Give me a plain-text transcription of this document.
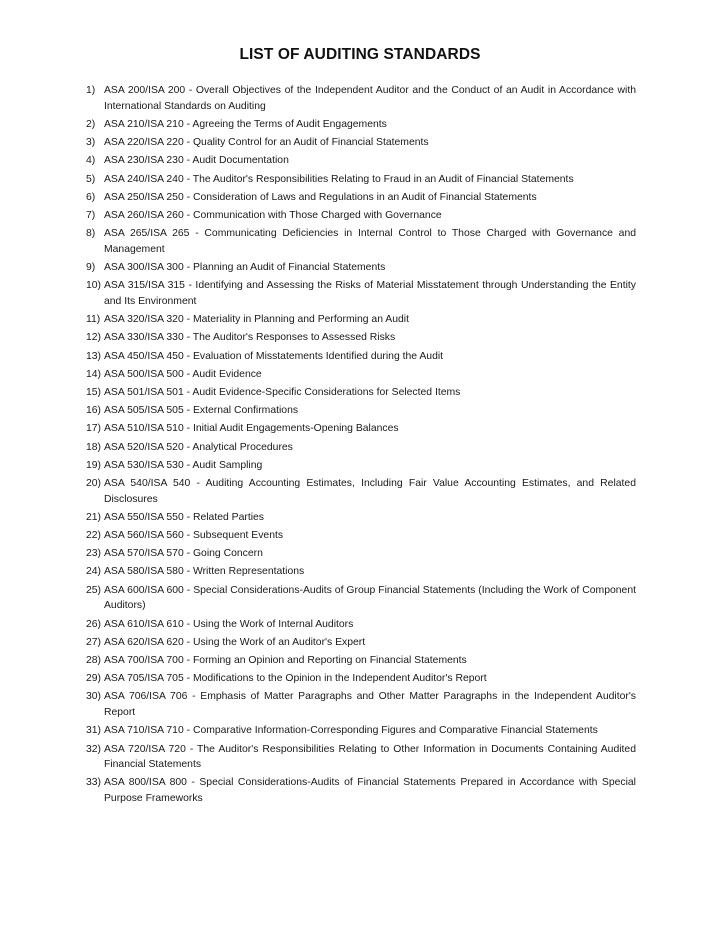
LIST OF AUDITING STANDARDS
1) ASA 200/ISA 200 - Overall Objectives of the Independent Auditor and the Conduct of an Audit in Accordance with International Standards on Auditing
2) ASA 210/ISA 210 - Agreeing the Terms of Audit Engagements
3) ASA 220/ISA 220 - Quality Control for an Audit of Financial Statements
4) ASA 230/ISA 230 - Audit Documentation
5) ASA 240/ISA 240 - The Auditor's Responsibilities Relating to Fraud in an Audit of Financial Statements
6) ASA 250/ISA 250 - Consideration of Laws and Regulations in an Audit of Financial Statements
7) ASA 260/ISA 260 - Communication with Those Charged with Governance
8) ASA 265/ISA 265 - Communicating Deficiencies in Internal Control to Those Charged with Governance and Management
9) ASA 300/ISA 300 - Planning an Audit of Financial Statements
10) ASA 315/ISA 315 - Identifying and Assessing the Risks of Material Misstatement through Understanding the Entity and Its Environment
11) ASA 320/ISA 320 - Materiality in Planning and Performing an Audit
12) ASA 330/ISA 330 - The Auditor's Responses to Assessed Risks
13) ASA 450/ISA 450 - Evaluation of Misstatements Identified during the Audit
14) ASA 500/ISA 500 - Audit Evidence
15) ASA 501/ISA 501 - Audit Evidence-Specific Considerations for Selected Items
16) ASA 505/ISA 505 - External Confirmations
17) ASA 510/ISA 510 - Initial Audit Engagements-Opening Balances
18) ASA 520/ISA 520 - Analytical Procedures
19) ASA 530/ISA 530 - Audit Sampling
20) ASA 540/ISA 540 - Auditing Accounting Estimates, Including Fair Value Accounting Estimates, and Related Disclosures
21) ASA 550/ISA 550 - Related Parties
22) ASA 560/ISA 560 - Subsequent Events
23) ASA 570/ISA 570 - Going Concern
24) ASA 580/ISA 580 - Written Representations
25) ASA 600/ISA 600 - Special Considerations-Audits of Group Financial Statements (Including the Work of Component Auditors)
26) ASA 610/ISA 610 - Using the Work of Internal Auditors
27) ASA 620/ISA 620 - Using the Work of an Auditor's Expert
28) ASA 700/ISA 700 - Forming an Opinion and Reporting on Financial Statements
29) ASA 705/ISA 705 - Modifications to the Opinion in the Independent Auditor's Report
30) ASA 706/ISA 706 - Emphasis of Matter Paragraphs and Other Matter Paragraphs in the Independent Auditor's Report
31) ASA 710/ISA 710 - Comparative Information-Corresponding Figures and Comparative Financial Statements
32) ASA 720/ISA 720 - The Auditor's Responsibilities Relating to Other Information in Documents Containing Audited Financial Statements
33) ASA 800/ISA 800 - Special Considerations-Audits of Financial Statements Prepared in Accordance with Special Purpose Frameworks
